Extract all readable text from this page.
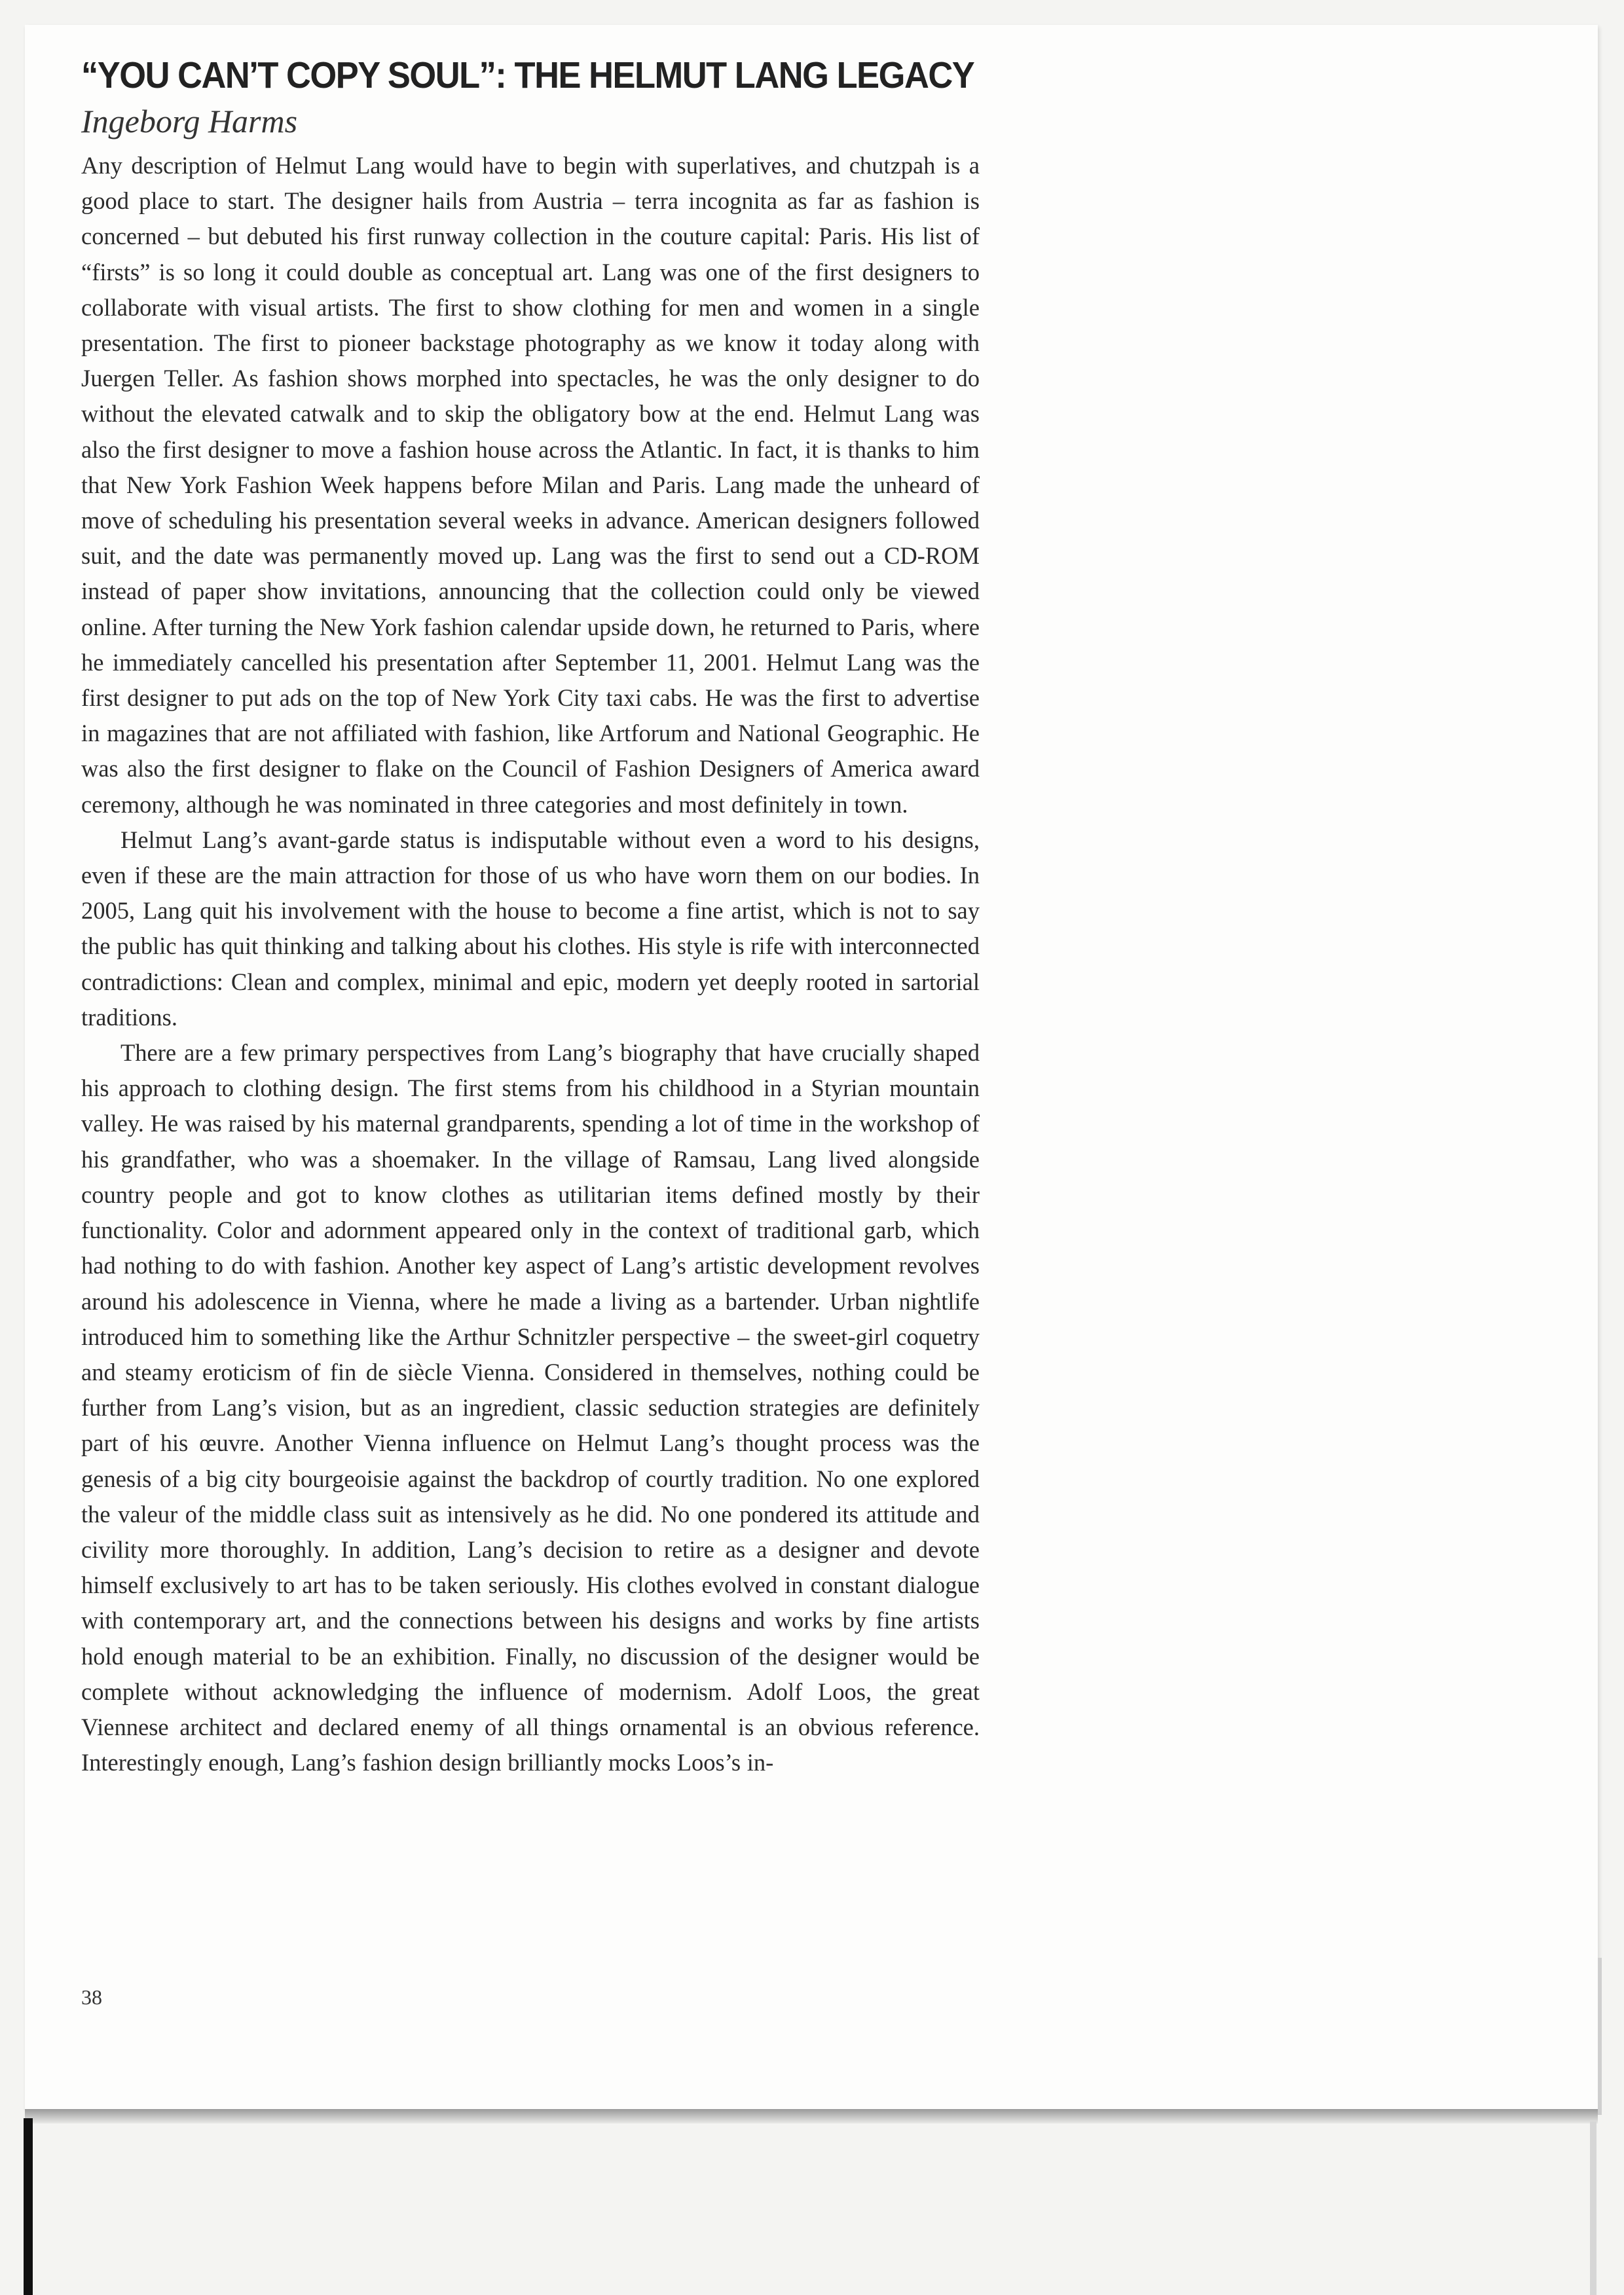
“YOU CAN’T COPY SOUL”: THE HELMUT LANG LEGACY
Ingeborg Harms

Any description of Helmut Lang would have to begin with superlatives, and chutzpah is a good place to start. The designer hails from Austria – terra incognita as far as fashion is concerned – but debuted his first runway collection in the couture capital: Paris. His list of “firsts” is so long it could double as conceptual art. Lang was one of the first designers to collaborate with visual artists. The first to show clothing for men and women in a single presentation. The first to pioneer backstage photography as we know it today along with Juergen Teller. As fashion shows morphed into spectacles, he was the only designer to do without the elevated catwalk and to skip the obligatory bow at the end. Helmut Lang was also the first designer to move a fashion house across the Atlantic. In fact, it is thanks to him that New York Fashion Week happens before Milan and Paris. Lang made the unheard of move of scheduling his presentation several weeks in advance. American designers followed suit, and the date was permanently moved up. Lang was the first to send out a CD-ROM instead of paper show invitations, announcing that the collection could only be viewed online. After turning the New York fashion calendar upside down, he returned to Paris, where he immediately cancelled his presentation after September 11, 2001. Helmut Lang was the first designer to put ads on the top of New York City taxi cabs. He was the first to advertise in magazines that are not affiliated with fashion, like Artforum and National Geographic. He was also the first designer to flake on the Council of Fashion Designers of America award ceremony, although he was nominated in three categories and most definitely in town.

Helmut Lang’s avant-garde status is indisputable without even a word to his designs, even if these are the main attraction for those of us who have worn them on our bodies. In 2005, Lang quit his involvement with the house to become a fine artist, which is not to say the public has quit thinking and talking about his clothes. His style is rife with interconnected contradictions: Clean and complex, minimal and epic, modern yet deeply rooted in sartorial traditions.

There are a few primary perspectives from Lang’s biography that have crucially shaped his approach to clothing design. The first stems from his childhood in a Styrian mountain valley. He was raised by his maternal grandparents, spending a lot of time in the workshop of his grandfather, who was a shoemaker. In the village of Ramsau, Lang lived alongside country people and got to know clothes as utilitarian items defined mostly by their functionality. Color and adornment appeared only in the context of traditional garb, which had nothing to do with fashion. Another key aspect of Lang’s artistic development revolves around his adolescence in Vienna, where he made a living as a bartender. Urban nightlife introduced him to something like the Arthur Schnitzler perspective – the sweet-girl coquetry and steamy eroticism of fin de siècle Vienna. Considered in themselves, nothing could be further from Lang’s vision, but as an ingredient, classic seduction strategies are definitely part of his œuvre. Another Vienna influence on Helmut Lang’s thought process was the genesis of a big city bourgeoisie against the backdrop of courtly tradition. No one explored the valeur of the middle class suit as intensively as he did. No one pondered its attitude and civility more thoroughly. In addition, Lang’s decision to retire as a designer and devote himself exclusively to art has to be taken seriously. His clothes evolved in constant dialogue with contemporary art, and the connections between his designs and works by fine artists hold enough material to be an exhibition. Finally, no discussion of the designer would be complete without acknowledging the influence of modernism. Adolf Loos, the great Viennese architect and declared enemy of all things ornamental is an obvious reference. Interestingly enough, Lang’s fashion design brilliantly mocks Loos’s in-

38
